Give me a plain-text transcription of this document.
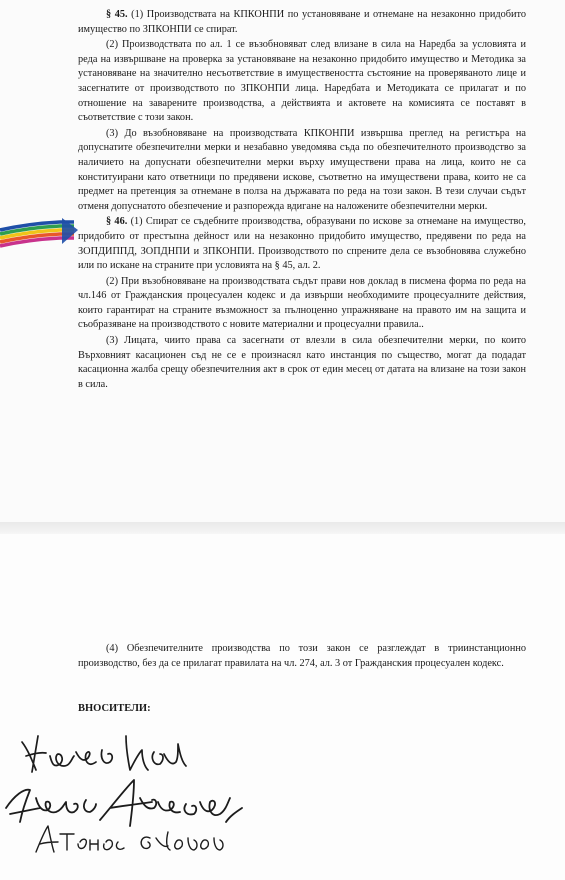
§ 45. (1) Производствата на КПКОНПИ по установяване и отнемане на незаконно придобито имущество по ЗПКОНПИ се спират.

(2) Производствата по ал. 1 се възобновяват след влизане в сила на Наредба за условията и реда на извършване на проверка за установяване на незаконно придобито имущество и Методика за установяване на значително несъответствие в имуществеността състояние на проверяваното лице и засегнатите от производството по ЗПКОНПИ лица. Наредбата и Методиката се прилагат и по отношение на заварените производства, а действията и актовете на комисията се поставят в съответствие с този закон.

(3) До възобновяване на производствата КПКОНПИ извършва преглед на регистъра на допуснатите обезпечителни мерки и незабавно уведомява съда по обезпечителното производство за наличието на допуснати обезпечителни мерки върху имуществени права на лица, които не са конституирани като ответници по предявени искове, съответно на имуществени права, които не са предмет на претенция за отнемане в полза на държавата по реда на този закон. В тези случаи съдът отменя допуснатото обезпечение и разпорежда вдигане на наложените обезпечителни мерки.

§ 46. (1) Спират се съдебните производства, образувани по искове за отнемане на имущество, придобито от престъпна дейност или на незаконно придобито имущество, предявени по реда на ЗОПДИППД, ЗОПДНПИ и ЗПКОНПИ. Производството по спрените дела се възобновява служебно или по искане на страните при условията на § 45, ал. 2.

(2) При възобновяване на производствата съдът прави нов доклад в писмена форма по реда на чл.146 от Гражданския процесуален кодекс и да извърши необходимите процесуалните действия, които гарантират на страните възможност за пълноценно упражняване на правото им на защита и съобразяване на производството с новите материални и процесуални правила..

(3) Лицата, чиито права са засегнати от влезли в сила обезпечителни мерки, по които Върховният касационен съд не се е произнасял като инстанция по същество, могат да подадат касационна жалба срещу обезпечителния акт в срок от един месец от датата на влизане на този закон в сила.

(4) Обезпечителните производства по този закон се разглеждат в триинстанционно производство, без да се прилагат правилата на чл. 274, ал. 3 от Гражданския процесуален кодекс.

ВНОСИТЕЛИ:
